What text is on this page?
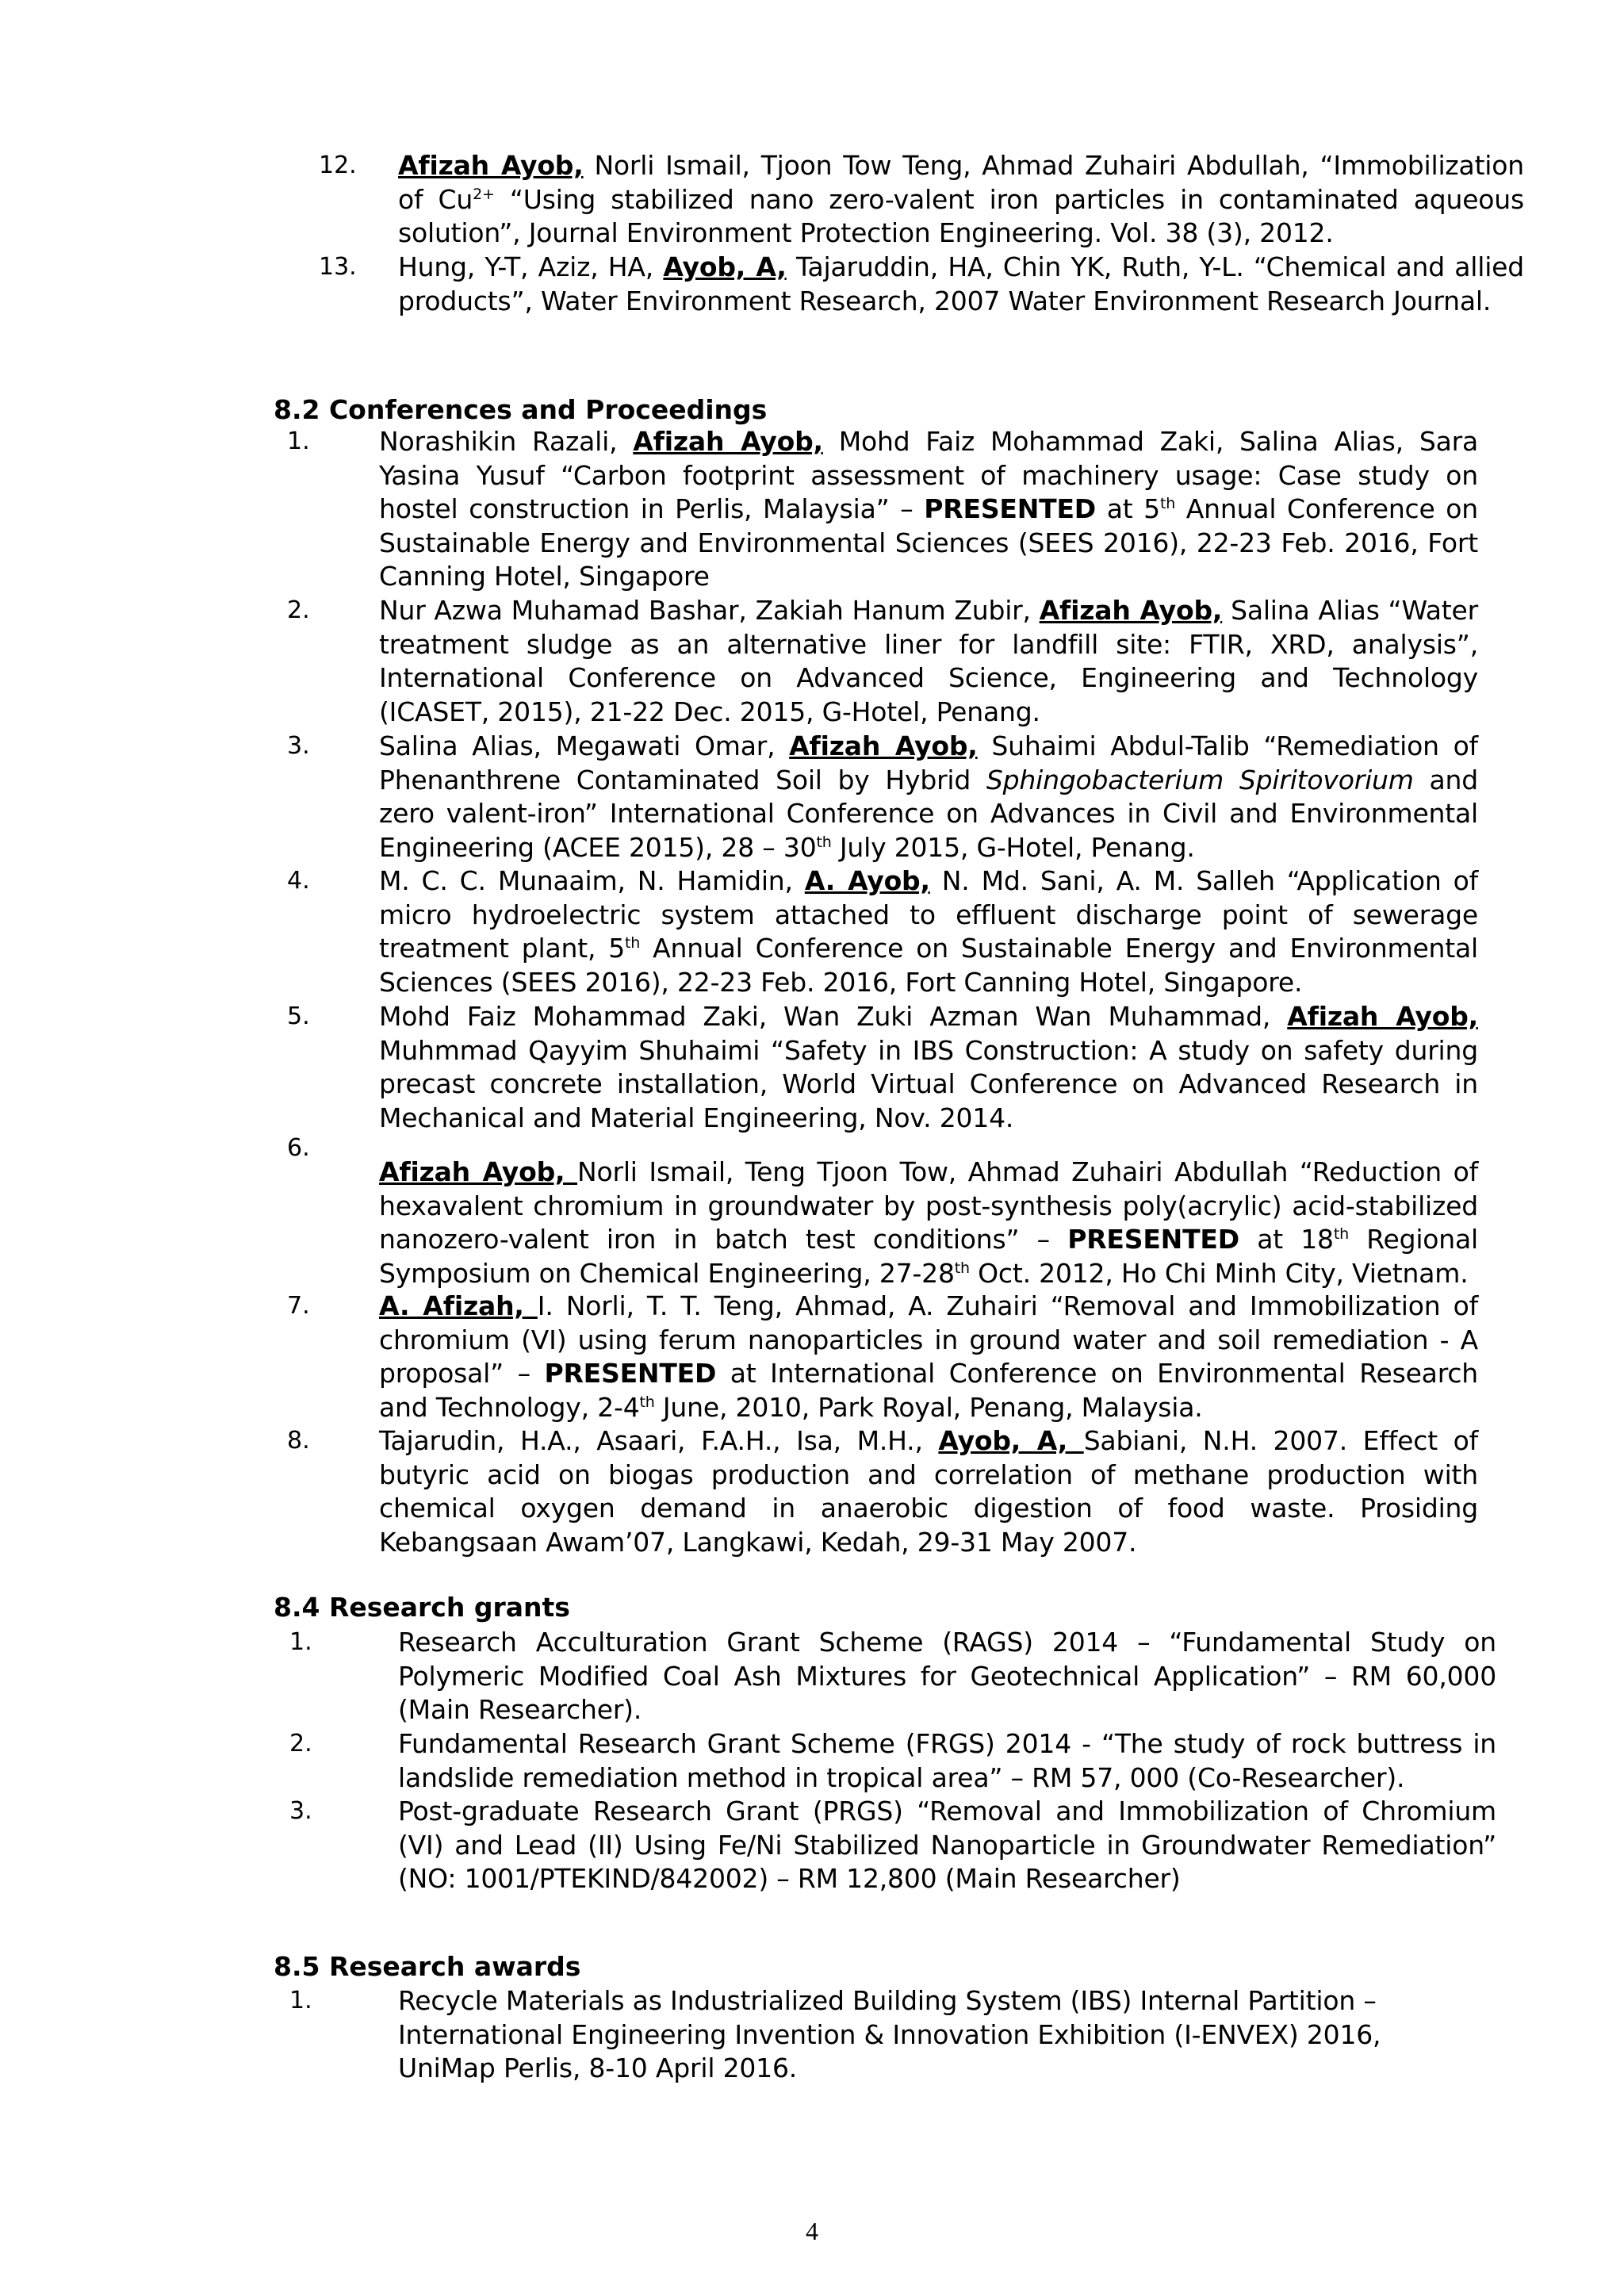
12.	Afizah Ayob, Norli Ismail, Tjoon Tow Teng, Ahmad Zuhairi Abdullah, “Immobilization of $Cu^{2+}$ “Using stabilized nano zero-valent iron particles in contaminated aqueous solution”, Journal Environment Protection Engineering. Vol. 38 (3), 2012.
13.	Hung, Y-T, Aziz, HA, Ayob, A, Tajaruddin, HA, Chin YK, Ruth, Y-L. “Chemical and allied products”, Water Environment Research, 2007 Water Environment Research Journal.
8.2 Conferences and Proceedings
1.	Norashikin Razali, Afizah Ayob, Mohd Faiz Mohammad Zaki, Salina Alias, Sara Yasina Yusuf “Carbon footprint assessment of machinery usage: Case study on hostel construction in Perlis, Malaysia” – PRESENTED at 5th Annual Conference on Sustainable Energy and Environmental Sciences (SEES 2016), 22-23 Feb. 2016, Fort Canning Hotel, Singapore
2.	Nur Azwa Muhamad Bashar, Zakiah Hanum Zubir, Afizah Ayob, Salina Alias “Water treatment sludge as an alternative liner for landfill site: FTIR, XRD, analysis”, International Conference on Advanced Science, Engineering and Technology (ICASET, 2015), 21-22 Dec. 2015, G-Hotel, Penang.
3.	Salina Alias, Megawati Omar, Afizah Ayob, Suhaimi Abdul-Talib “Remediation of Phenanthrene Contaminated Soil by Hybrid Sphingobacterium Spiritovorium and zero valent-iron” International Conference on Advances in Civil and Environmental Engineering (ACEE 2015), 28 – 30th July 2015, G-Hotel, Penang.
4.	M. C. C. Munaaim, N. Hamidin, A. Ayob, N. Md. Sani, A. M. Salleh “Application of micro hydroelectric system attached to effluent discharge point of sewerage treatment plant, 5th Annual Conference on Sustainable Energy and Environmental Sciences (SEES 2016), 22-23 Feb. 2016, Fort Canning Hotel, Singapore.
5.	Mohd Faiz Mohammad Zaki, Wan Zuki Azman Wan Muhammad, Afizah Ayob, Muhmmad Qayyim Shuhaimi “Safety in IBS Construction: A study on safety during precast concrete installation, World Virtual Conference on Advanced Research in Mechanical and Material Engineering, Nov. 2014.
6.
Afizah Ayob, Norli Ismail, Teng Tjoon Tow, Ahmad Zuhairi Abdullah “Reduction of hexavalent chromium in groundwater by post-synthesis poly(acrylic) acid-stabilized nanozero-valent iron in batch test conditions” – PRESENTED at 18th Regional Symposium on Chemical Engineering, 27-28th Oct. 2012, Ho Chi Minh City, Vietnam.
7.	A. Afizah, I. Norli, T. T. Teng, Ahmad, A. Zuhairi “Removal and Immobilization of chromium (VI) using ferum nanoparticles in ground water and soil remediation - A proposal” – PRESENTED at International Conference on Environmental Research and Technology, 2-4th June, 2010, Park Royal, Penang, Malaysia.
8.	Tajarudin, H.A., Asaari, F.A.H., Isa, M.H., Ayob, A, Sabiani, N.H. 2007. Effect of butyric acid on biogas production and correlation of methane production with chemical oxygen demand in anaerobic digestion of food waste. Prosiding Kebangsaan Awam’07, Langkawi, Kedah, 29-31 May 2007.
8.4 Research grants
1.	Research Acculturation Grant Scheme (RAGS) 2014 – “Fundamental Study on Polymeric Modified Coal Ash Mixtures for Geotechnical Application” – RM 60,000 (Main Researcher).
2.	Fundamental Research Grant Scheme (FRGS) 2014 - “The study of rock buttress in landslide remediation method in tropical area” – RM 57, 000 (Co-Researcher).
3.	Post-graduate Research Grant (PRGS) “Removal and Immobilization of Chromium (VI) and Lead (II) Using Fe/Ni Stabilized Nanoparticle in Groundwater Remediation” (NO: 1001/PTEKIND/842002) – RM 12,800 (Main Researcher)
8.5 Research awards
1.	Recycle Materials as Industrialized Building System (IBS) Internal Partition –
International Engineering Invention & Innovation Exhibition (I-ENVEX) 2016,
UniMap Perlis, 8-10 April 2016.
4
